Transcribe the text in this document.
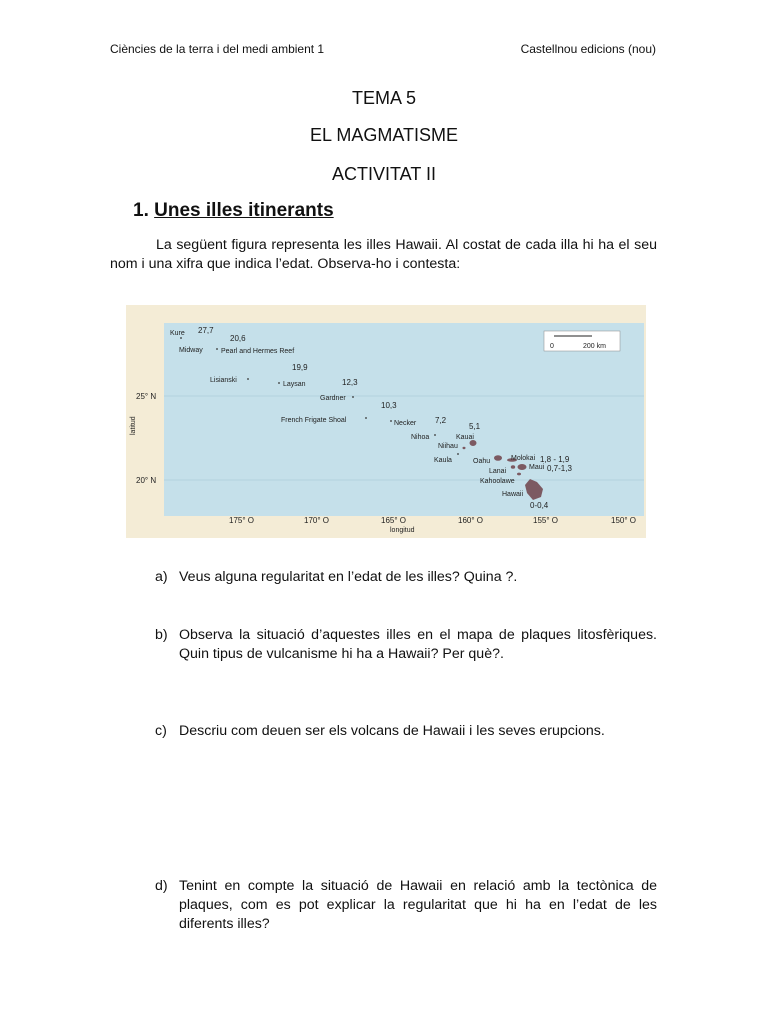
Ciències de la terra i del medi ambient 1	Castellnou edicions (nou)
TEMA 5
EL MAGMATISME
ACTIVITAT II
1. Unes illes itinerants

La següent figura representa les illes Hawaii. Al costat de cada illa hi ha el seu nom i una xifra que indica l’edat. Observa-ho i contesta:

25° N
20° N
latitud
175° O	170° O	165° O	160° O	155° O	150° O
longitud
0	200 km
Kure 27,7
Midway	Pearl and Hermes Reef
20,6
Lisianski
Laysan
19,9
Gardner
12,3
French Frigate Shoal
10,3
Necker 7,2
Nihoa	Kauai
5,1
Niihau
Kaula	Oahu	Molokai 1,8 - 1,9
Lanai
Maui 0,7-1,3
Kahoolawe
Hawaii
0-0,4
a) Veus alguna regularitat en l’edat de les illes? Quina ?.
b) Observa la situació d’aquestes illes en el mapa de plaques litosfèriques. Quin tipus de vulcanisme hi ha a Hawaii? Per què?.
c) Descriu com deuen ser els volcans de Hawaii i les seves erupcions.
d) Tenint en compte la situació de Hawaii en relació amb la tectònica de plaques, com es pot explicar la regularitat que hi ha en l’edat de les diferents illes?
